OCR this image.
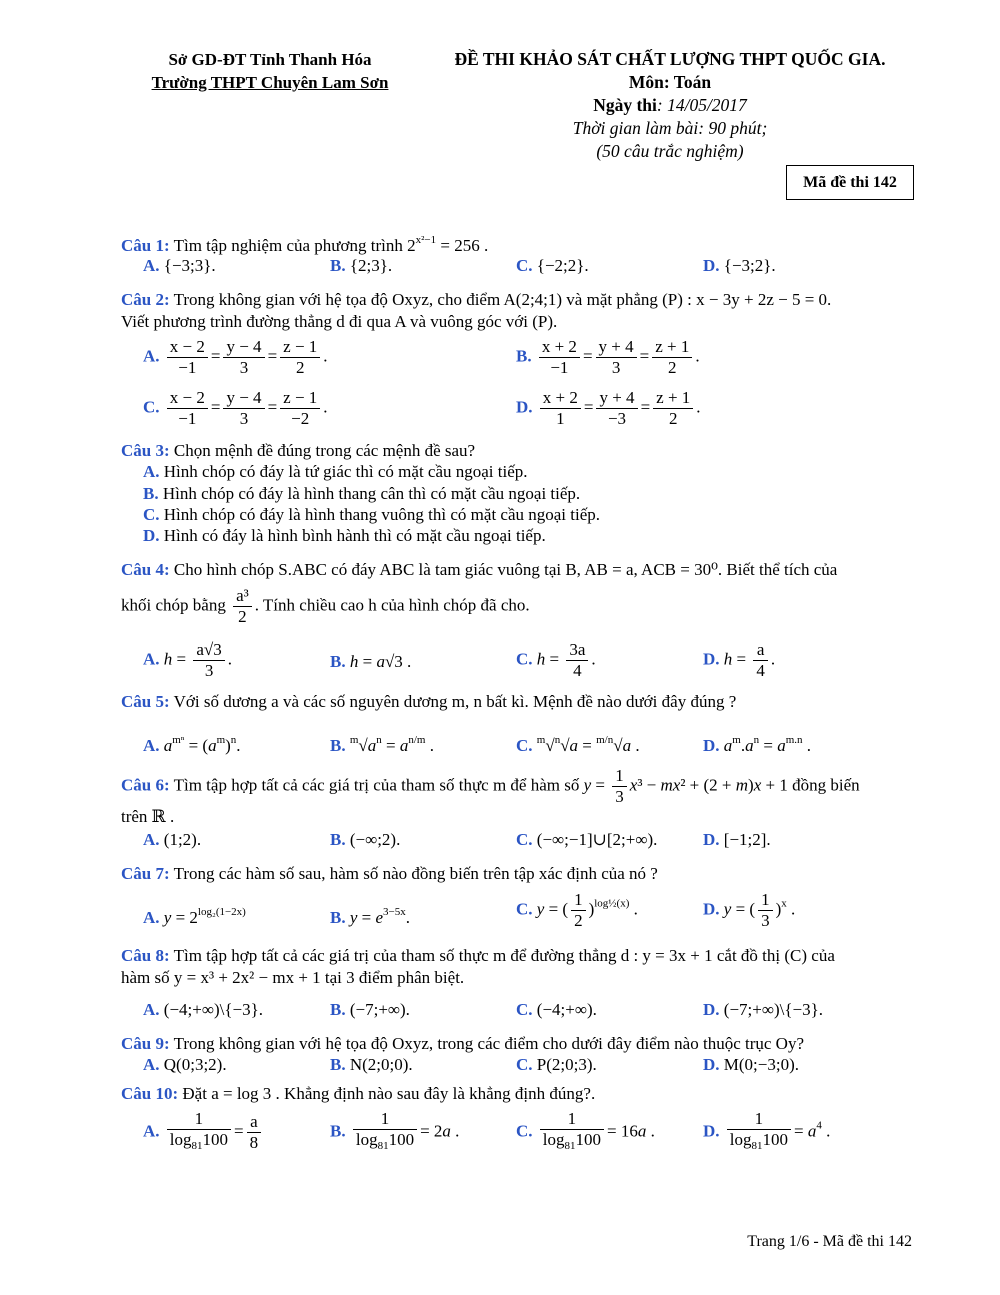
Sở GD-ĐT Tỉnh Thanh Hóa
Trường THPT Chuyên Lam Sơn
ĐỀ THI KHẢO SÁT CHẤT LƯỢNG THPT QUỐC GIA.
Môn: Toán
Ngày thi: 14/05/2017
Thời gian làm bài: 90 phút;
(50 câu trắc nghiệm)
Mã đề thi 142
Câu 1: Tìm tập nghiệm của phương trình $2^{x^2-1} = 256$ .
A. {−3;3}.	B. {2;3}.	C. {−2;2}.	D. {−3;2}.
Câu 2: Trong không gian với hệ tọa độ Oxyz, cho điểm A(2;4;1) và mặt phẳng (P) : x − 3y + 2z − 5 = 0.
Viết phương trình đường thẳng d đi qua A và vuông góc với (P).
A. $\frac{x - 2}{-1} = \frac{y - 4}{3} = \frac{z - 1}{2}$ .	B. $\frac{x + 2}{-1} = \frac{y + 4}{3} = \frac{z + 1}{2}$ .
C. $\frac{x - 2}{-1} = \frac{y - 4}{3} = \frac{z - 1}{-2}$ .	D. $\frac{x + 2}{1} = \frac{y + 4}{-3} = \frac{z + 1}{2}$ .
Câu 3: Chọn mệnh đề đúng trong các mệnh đề sau?
A. Hình chóp có đáy là tứ giác thì có mặt cầu ngoại tiếp.
B. Hình chóp có đáy là hình thang cân thì có mặt cầu ngoại tiếp.
C. Hình chóp có đáy là hình thang vuông thì có mặt cầu ngoại tiếp.
D. Hình có đáy là hình bình hành thì có mặt cầu ngoại tiếp.
Câu 4: Cho hình chóp S.ABC có đáy ABC là tam giác vuông tại B, AB = a, ACB = 30⁰. Biết thể tích của
khối chóp bằng $\frac{\text{a³}}{2}$ . Tính chiều cao h của hình chóp đã cho.
A. $h = \frac{a√3}{3}$ .	B. h = a√3 .	C. $h = \frac{3a}{4}$ .	D. $h = \frac{a}{4}$ .
Câu 5: Với số dương a và các số nguyên dương m, n bất kì. Mệnh đề nào dưới đây đúng ?
A. $a^{m^n} = (a^m)^n$.	B. $^m√a^n = a^{n/m}$ .	C. $^m$√$^n$√a = $^{m/n}$√a .	D. $a^m.a^n = a^{m.n}$ .
Câu 6: Tìm tập hợp tất cả các giá trị của tham số thực m để hàm số $y = \frac{1}{3} x^3 - mx^2 + (2 + m)x + 1$ đồng biến
trên ℝ .
A. (1;2).	B. (−∞;2).	C. (−∞;−1]∪[2;+∞).	D. [−1;2].
Câu 7: Trong các hàm số sau, hàm số nào đồng biến trên tập xác định của nó ?
A. $y = 2^{log_2(1-2x)}$	B. $y = e^{3-5x}$.	C. y = ( $\frac{1}{2} )^{log\frac{1}{2}(x)}$ .	D. y = ( $\frac{1}{3} )^x$ .
Câu 8: Tìm tập hợp tất cả các giá trị của tham số thực m để đường thẳng d : y = 3x + 1 cắt đồ thị (C) của
hàm số y = x³ + 2x² − mx + 1 tại 3 điểm phân biệt.
A. (−4;+∞)\{−3}.	B. (−7;+∞).	C. (−4;+∞).	D. (−7;+∞)\{−3}.
Câu 9: Trong không gian với hệ tọa độ Oxyz, trong các điểm cho dưới đây điểm nào thuộc trục Oy?
A. Q(0;3;2).	B. N(2;0;0).	C. P(2;0;3).	D. M(0;−3;0).
Câu 10: Đặt a = log 3 . Khẳng định nào sau đây là khẳng định đúng?.
A. $\frac{1}{\log_{81}100} = \frac{a}{8}$	B. $\frac{1}{\log_{81}100} = 2a$ .	C. $\frac{1}{\log_{81}100} = 16a$ .	D. $\frac{1}{\log_{81}100} = a^4$ .
Trang 1/6 - Mã đề thi 142
